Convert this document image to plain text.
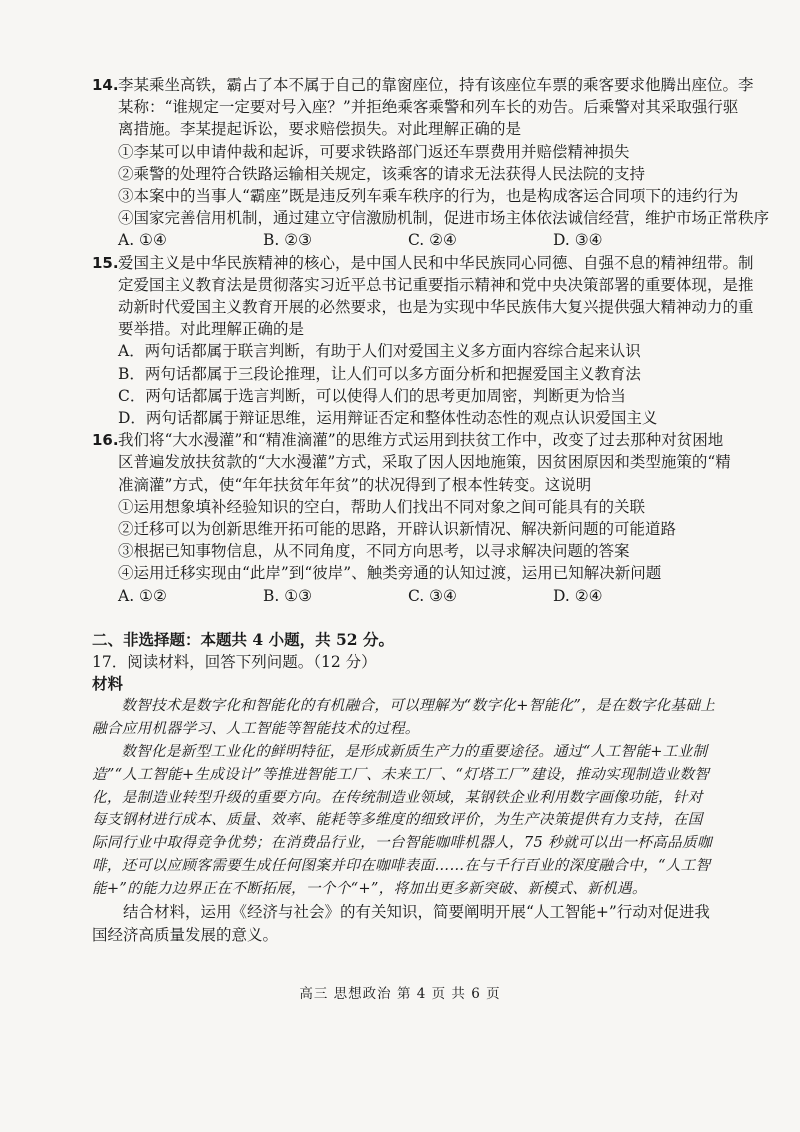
14. 李某乘坐高铁，霸占了本不属于自己的靠窗座位，持有该座位车票的乘客要求他腾出座位。李
某称：“谁规定一定要对号入座？”并拒绝乘客乘警和列车长的劝告。后乘警对其采取强行驱
离措施。李某提起诉讼，要求赔偿损失。对此理解正确的是
①李某可以申请仲裁和起诉，可要求铁路部门返还车票费用并赔偿精神损失
②乘警的处理符合铁路运输相关规定，该乘客的请求无法获得人民法院的支持
③本案中的当事人“霸座”既是违反列车乘车秩序的行为，也是构成客运合同项下的违约行为
④国家完善信用机制，通过建立守信激励机制，促进市场主体依法诚信经营，维护市场正常秩序
A. ①④	B. ②③	C. ②④	D. ③④
15. 爱国主义是中华民族精神的核心，是中国人民和中华民族同心同德、自强不息的精神纽带。制
定爱国主义教育法是贯彻落实习近平总书记重要指示精神和党中央决策部署的重要体现，是推
动新时代爱国主义教育开展的必然要求，也是为实现中华民族伟大复兴提供强大精神动力的重
要举措。对此理解正确的是
A．两句话都属于联言判断，有助于人们对爱国主义多方面内容综合起来认识
B．两句话都属于三段论推理，让人们可以多方面分析和把握爱国主义教育法
C．两句话都属于选言判断，可以使得人们的思考更加周密，判断更为恰当
D．两句话都属于辩证思维，运用辩证否定和整体性动态性的观点认识爱国主义
16. 我们将“大水漫灌”和“精准滴灌”的思维方式运用到扶贫工作中，改变了过去那种对贫困地
区普遍发放扶贫款的“大水漫灌”方式，采取了因人因地施策，因贫困原因和类型施策的“精
准滴灌”方式，使“年年扶贫年年贫”的状况得到了根本性转变。这说明
①运用想象填补经验知识的空白，帮助人们找出不同对象之间可能具有的关联
②迁移可以为创新思维开拓可能的思路，开辟认识新情况、解决新问题的可能道路
③根据已知事物信息，从不同角度，不同方向思考，以寻求解决问题的答案
④运用迁移实现由“此岸”到“彼岸”、触类旁通的认知过渡，运用已知解决新问题
A. ①②	B. ①③	C. ③④	D. ②④
二、非选择题：本题共 4 小题，共 52 分。
17．阅读材料，回答下列问题。（12 分）
材料

数智技术是数字化和智能化的有机融合，可以理解为“数字化+智能化”，是在数字化基础上融合应用机器学习、人工智能等智能技术的过程。

数智化是新型工业化的鲜明特征，是形成新质生产力的重要途径。通过“人工智能+工业制造”“人工智能+生成设计”等推进智能工厂、未来工厂、“灯塔工厂”建设，推动实现制造业数智化，是制造业转型升级的重要方向。在传统制造业领域，某钢铁企业利用数字画像功能，针对每支钢材进行成本、质量、效率、能耗等多维度的细致评价，为生产决策提供有力支持，在国际同行业中取得竞争优势；在消费品行业，一台智能咖啡机器人，75 秒就可以出一杯高品质咖啡，还可以应顾客需要生成任何图案并印在咖啡表面……在与千行百业的深度融合中，“人工智能+”的能力边界正在不断拓展，一个个“+”，将加出更多新突破、新模式、新机遇。

结合材料，运用《经济与社会》的有关知识，简要阐明开展“人工智能+”行动对促进我国经济高质量发展的意义。

高三 思想政治 第 4 页 共 6 页
